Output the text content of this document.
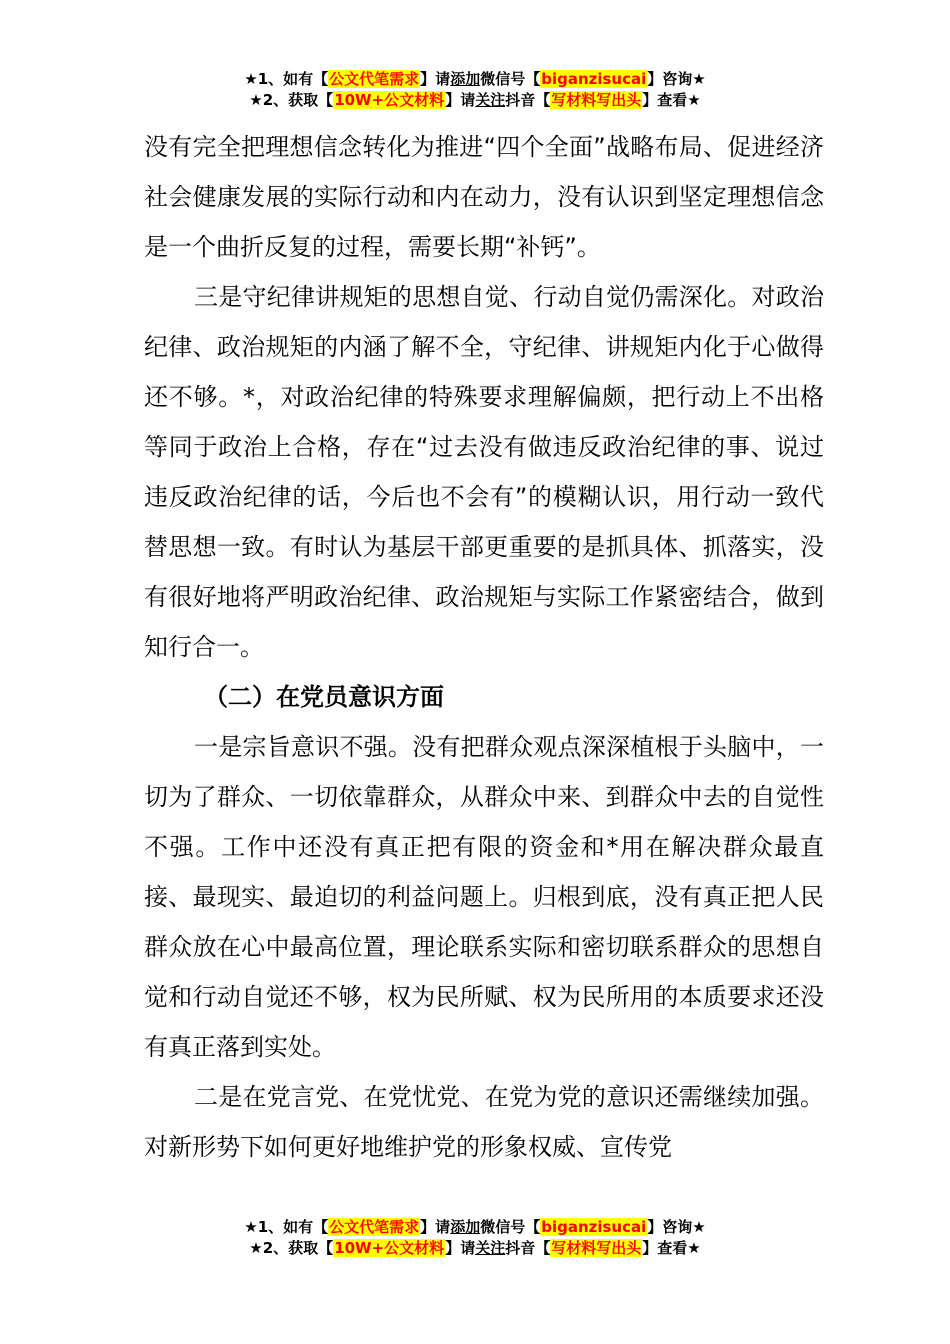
★1、如有【公文代笔需求】请添加微信号【biganzisucai】咨询★
★2、获取【10W+公文材料】请关注抖音【写材料写出头】查看★

没有完全把理想信念转化为推进“四个全面”战略布局、促进经济社会健康发展的实际行动和内在动力，没有认识到坚定理想信念是一个曲折反复的过程，需要长期“补钙”。

三是守纪律讲规矩的思想自觉、行动自觉仍需深化。对政治纪律、政治规矩的内涵了解不全，守纪律、讲规矩内化于心做得还不够。*，对政治纪律的特殊要求理解偏颇，把行动上不出格等同于政治上合格，存在“过去没有做违反政治纪律的事、说过违反政治纪律的话，今后也不会有”的模糊认识，用行动一致代替思想一致。有时认为基层干部更重要的是抓具体、抓落实，没有很好地将严明政治纪律、政治规矩与实际工作紧密结合，做到知行合一。

（二）在党员意识方面

一是宗旨意识不强。没有把群众观点深深植根于头脑中，一切为了群众、一切依靠群众，从群众中来、到群众中去的自觉性不强。工作中还没有真正把有限的资金和*用在解决群众最直接、最现实、最迫切的利益问题上。归根到底，没有真正把人民群众放在心中最高位置，理论联系实际和密切联系群众的思想自觉和行动自觉还不够，权为民所赋、权为民所用的本质要求还没有真正落到实处。

二是在党言党、在党忧党、在党为党的意识还需继续加强。对新形势下如何更好地维护党的形象权威、宣传党

★1、如有【公文代笔需求】请添加微信号【biganzisucai】咨询★
★2、获取【10W+公文材料】请关注抖音【写材料写出头】查看★
